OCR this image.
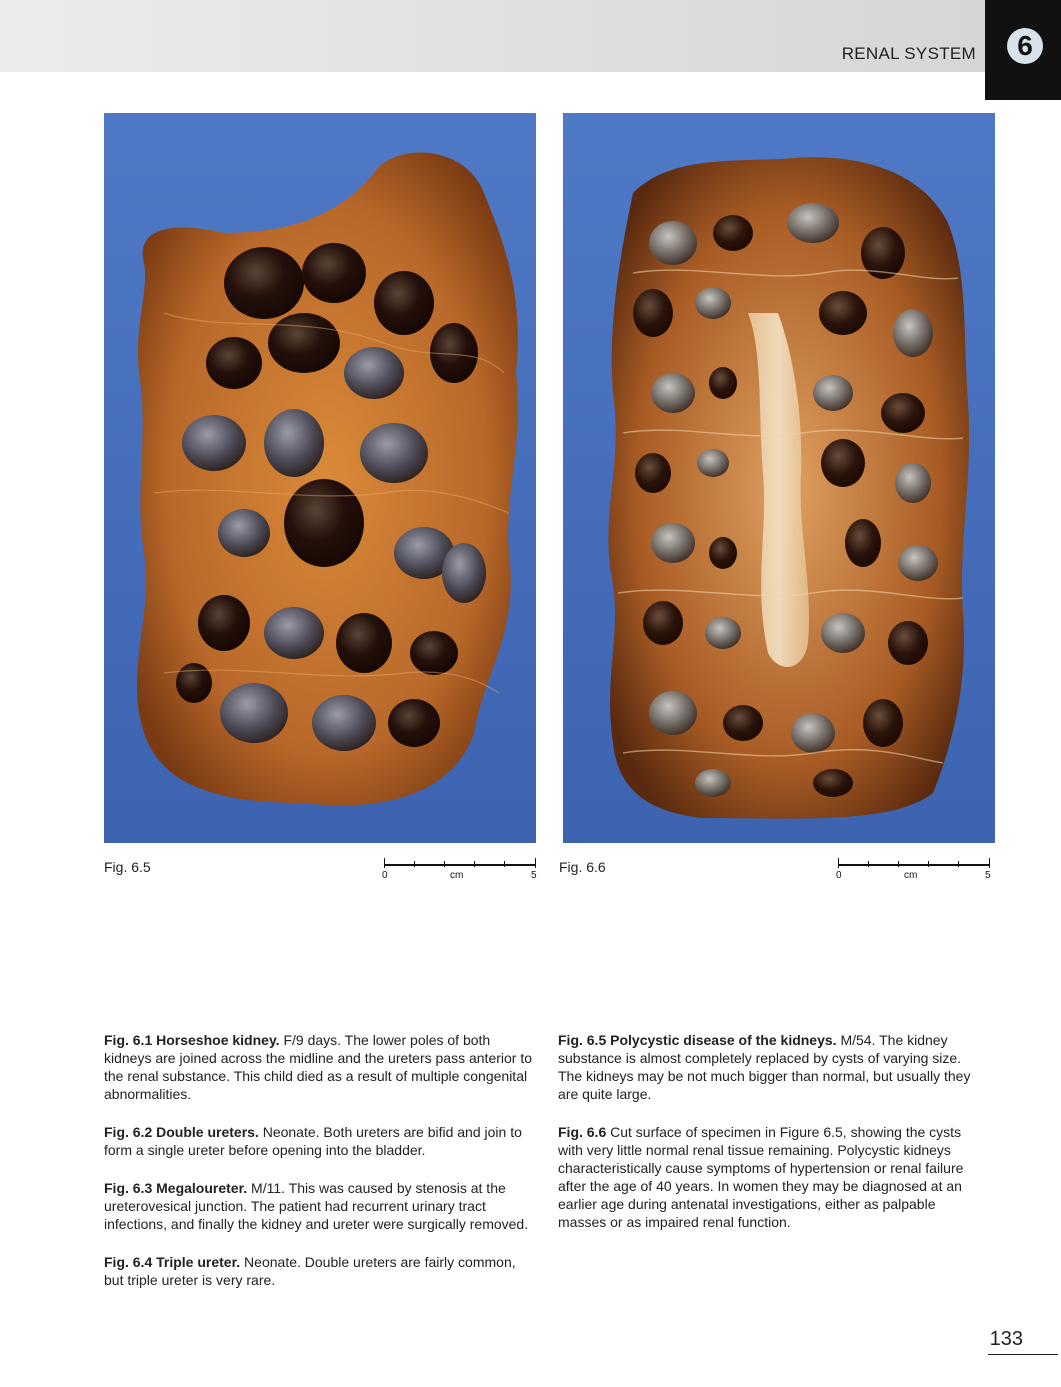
RENAL SYSTEM	6
Fig. 6.5
0	cm	5
Fig. 6.6
0	cm	5

Fig. 6.1 Horseshoe kidney. F/9 days. The lower poles of both kidneys are joined across the midline and the ureters pass anterior to the renal substance. This child died as a result of multiple congenital abnormalities.

Fig. 6.2 Double ureters. Neonate. Both ureters are bifid and join to form a single ureter before opening into the bladder.

Fig. 6.3 Megaloureter. M/11. This was caused by stenosis at the ureterovesical junction. The patient had recurrent urinary tract infections, and finally the kidney and ureter were surgically removed.

Fig. 6.4 Triple ureter. Neonate. Double ureters are fairly common, but triple ureter is very rare.

Fig. 6.5 Polycystic disease of the kidneys. M/54. The kidney substance is almost completely replaced by cysts of varying size. The kidneys may be not much bigger than normal, but usually they are quite large.

Fig. 6.6 Cut surface of specimen in Figure 6.5, showing the cysts with very little normal renal tissue remaining. Polycystic kidneys characteristically cause symptoms of hypertension or renal failure after the age of 40 years. In women they may be diagnosed at an earlier age during antenatal investigations, either as palpable masses or as impaired renal function.

133
